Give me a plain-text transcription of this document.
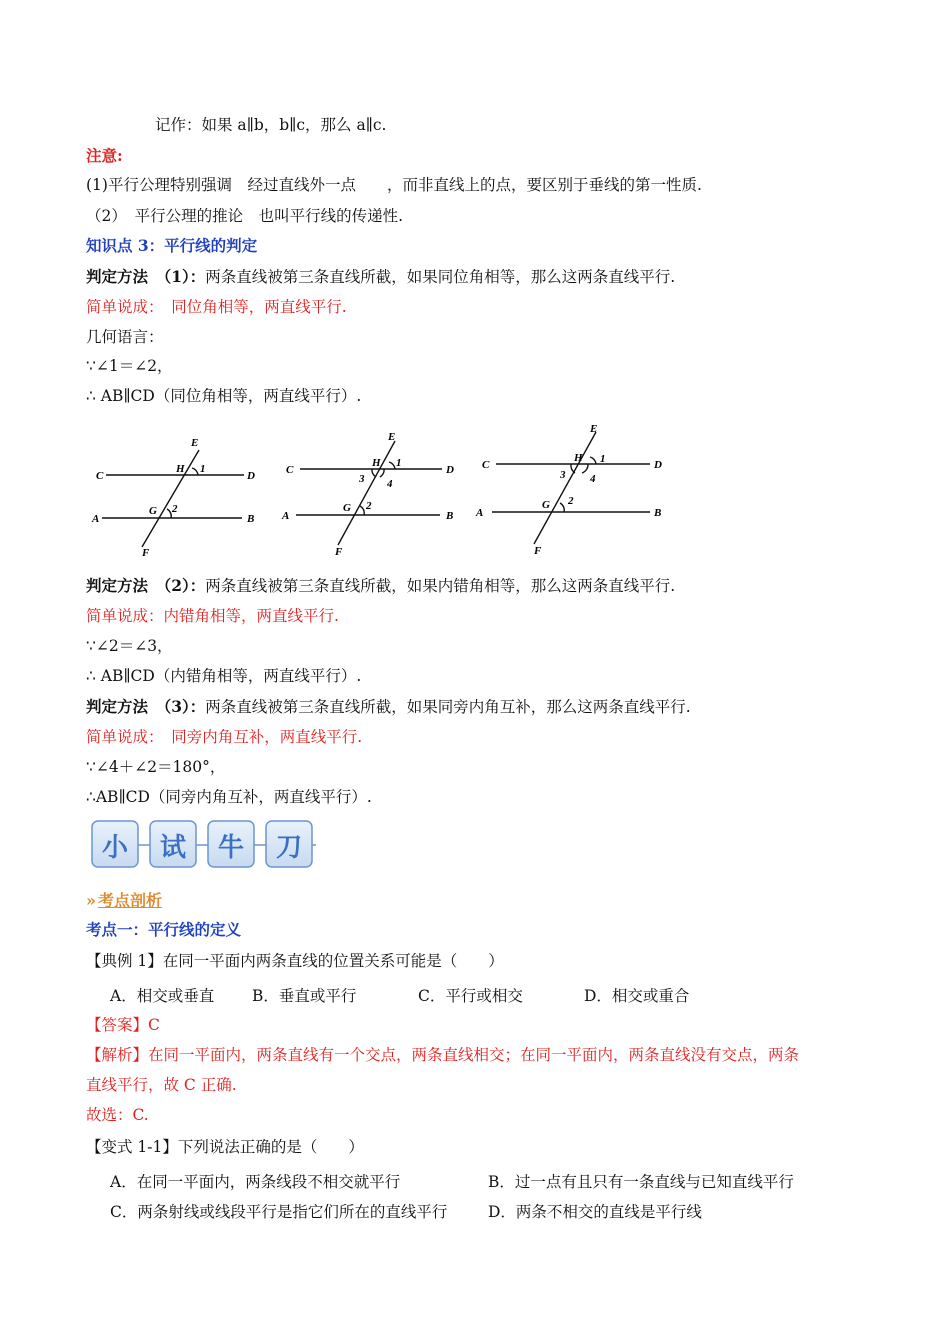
记作：如果 a∥b，b∥c，那么 a∥c.
注意:
(1)平行公理特别强调　经过直线外一点　　，而非直线上的点，要区别于垂线的第一性质.
（2）　平行公理的推论　也叫平行线的传递性.
知识点 3：平行线的判定
判定方法　（1）：两条直线被第三条直线所截，如果同位角相等，那么这两条直线平行.
简单说成：　 同位角相等，两直线平行.
几何语言：
∵∠1＝∠2，
∴ AB∥CD（同位角相等，两直线平行）.
E
C	D
A	B
H 1
G 2
F
E
C	D
A	B
H 1
3 4
G 2
F
E
C	D
A	B
H 1
3 4
G 2
F
判定方法　（2）：两条直线被第三条直线所截，如果内错角相等，那么这两条直线平行.
简单说成：内错角相等，两直线平行.
∵∠2＝∠3，
∴ AB∥CD（内错角相等，两直线平行）.
判定方法　（3）：两条直线被第三条直线所截，如果同旁内角互补，那么这两条直线平行.
简单说成：　 同旁内角互补，两直线平行.
∵∠4＋∠2＝180°，
∴AB∥CD（同旁内角互补，两直线平行）.
小 试 牛 刀
» 考点剖析
考点一：平行线的定义
【典例 1】在同一平面内两条直线的位置关系可能是（　　）
A．相交或垂直 B．垂直或平行	C．平行或相交	D．相交或重合
【答案】C
【解析】在同一平面内，两条直线有一个交点，两条直线相交；在同一平面内，两条直线没有交点，两条
直线平行，故 C 正确.
故选：C.
【变式 1-1】下列说法正确的是（　　）
A．在同一平面内，两条线段不相交就平行	B．过一点有且只有一条直线与已知直线平行
C．两条射线或线段平行是指它们所在的直线平行	D．两条不相交的直线是平行线
